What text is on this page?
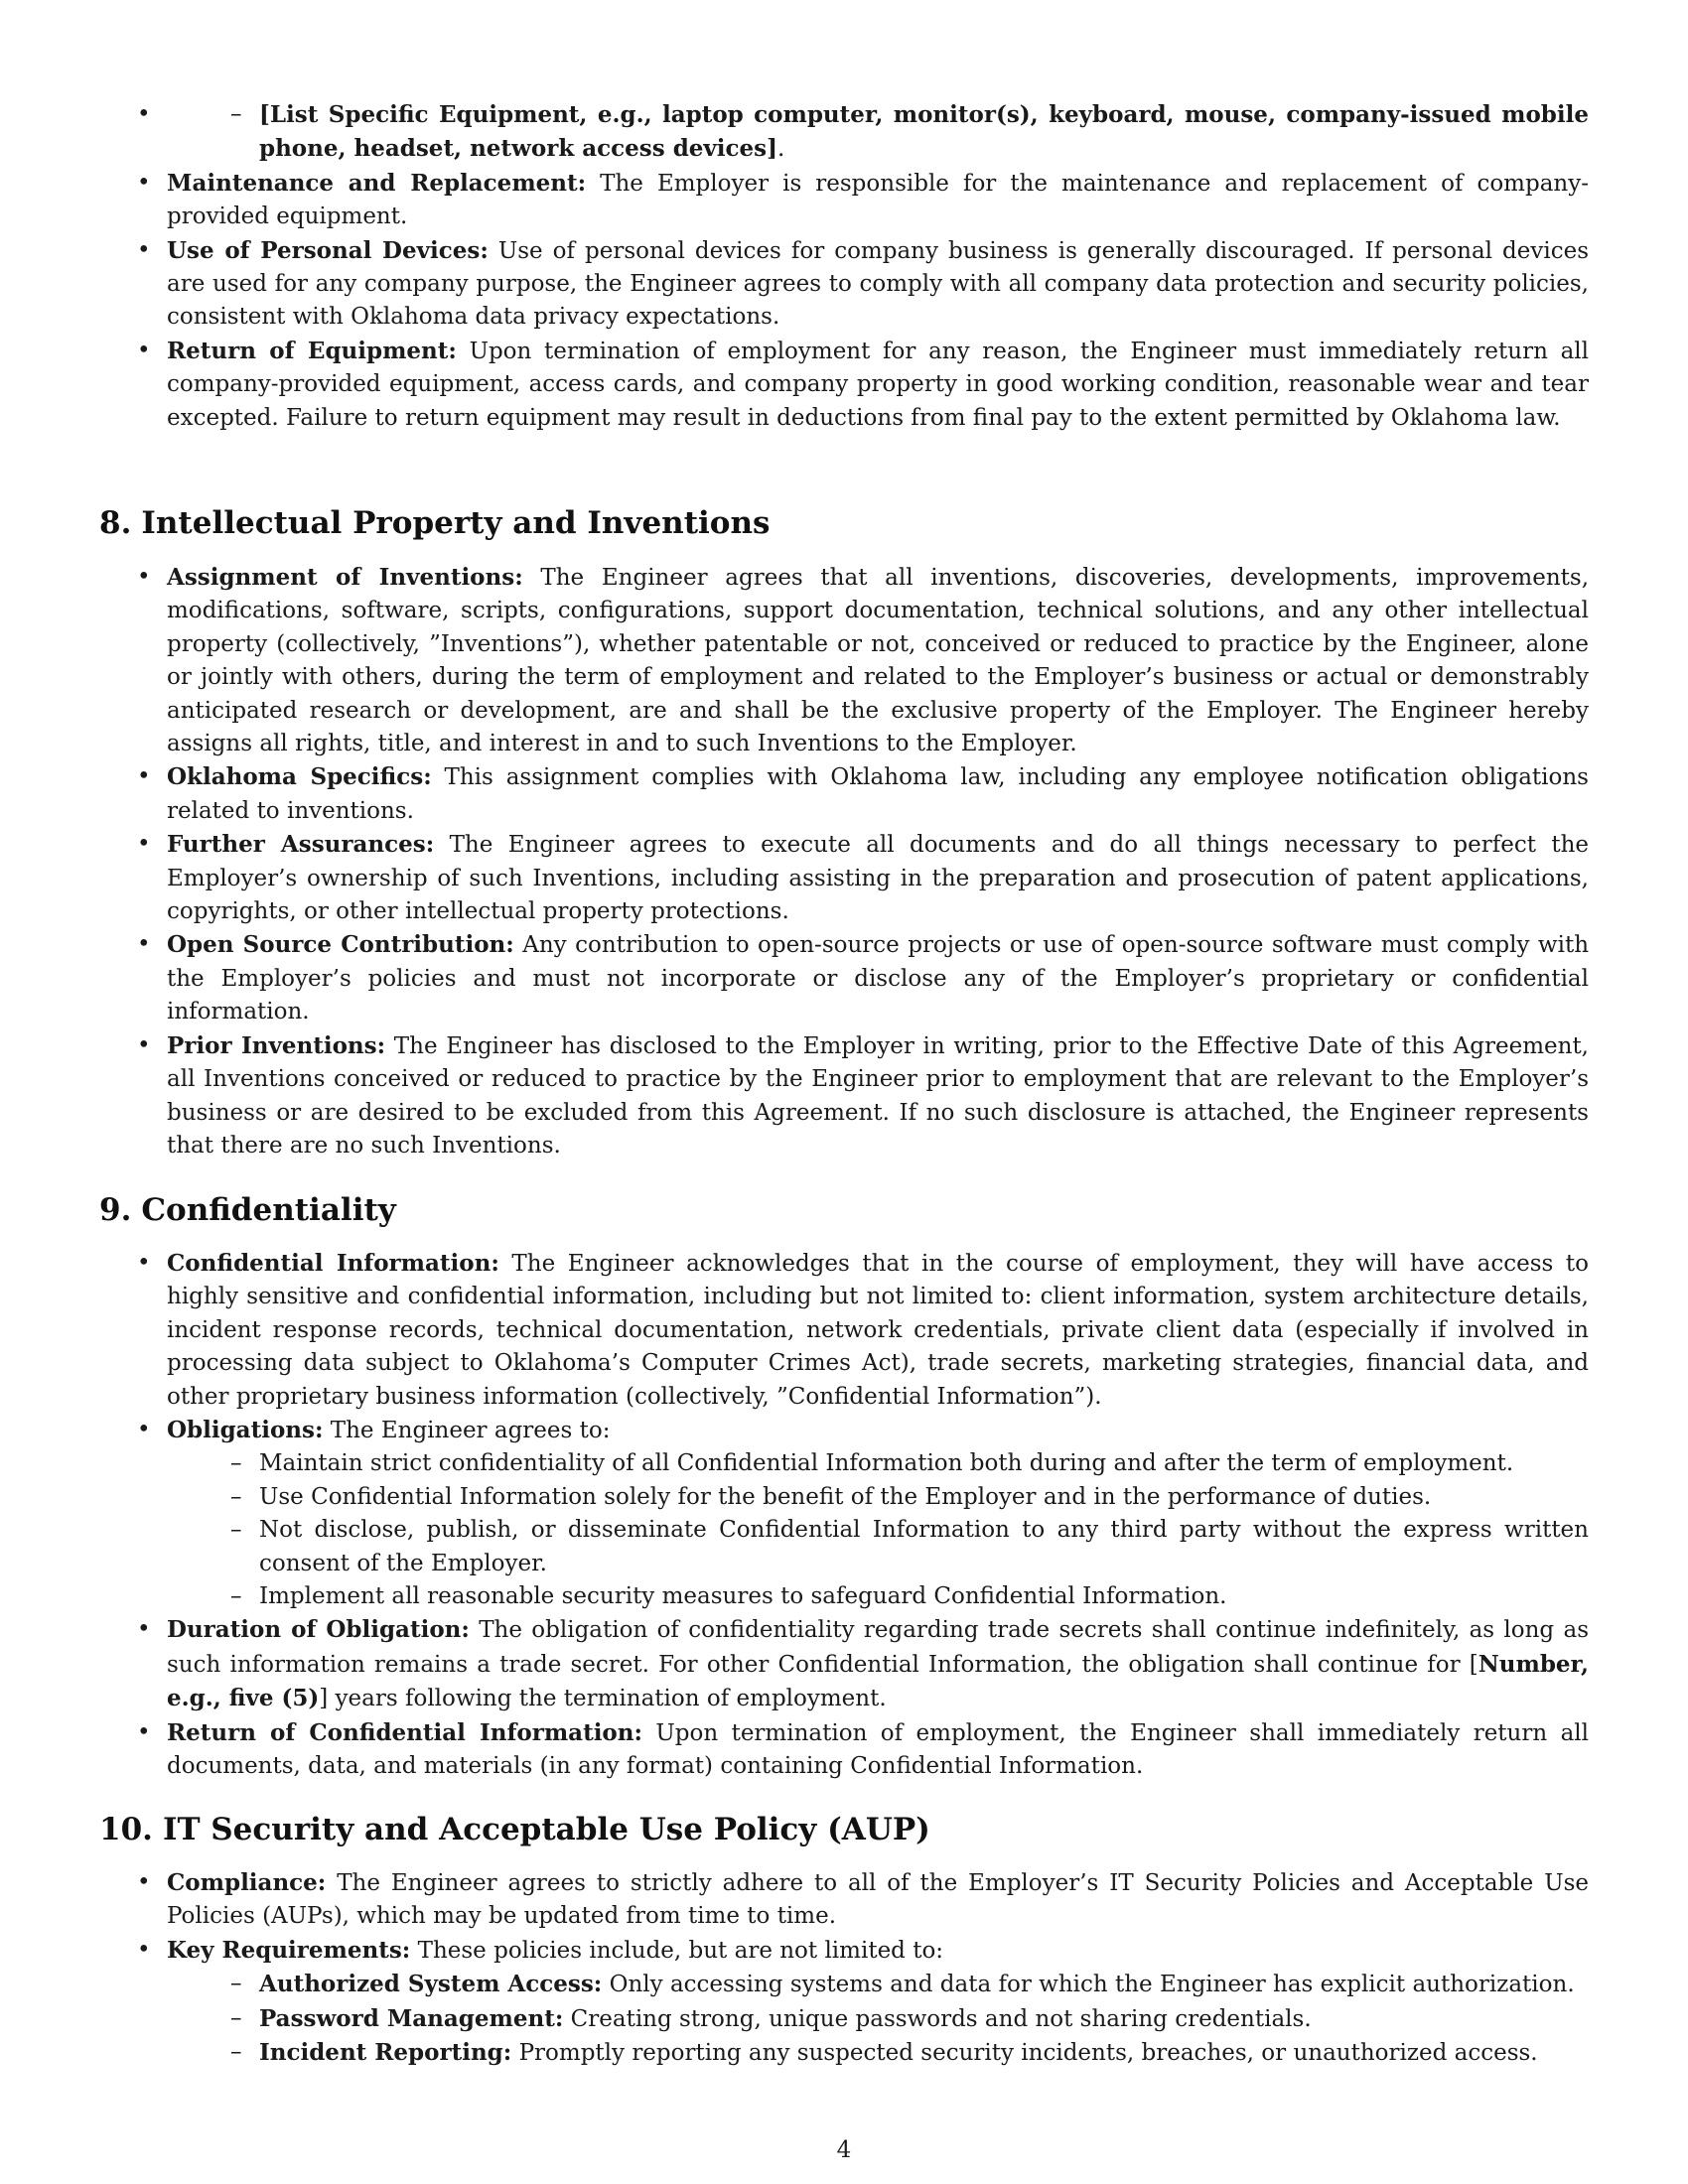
– • [List Specific Equipment, e.g., laptop computer, monitor(s), keyboard, mouse, company-issued mobile phone, headset, network access devices].
• Maintenance and Replacement: The Employer is responsible for the maintenance and replacement of company-provided equipment.
• Use of Personal Devices: Use of personal devices for company business is generally discouraged. If personal devices are used for any company purpose, the Engineer agrees to comply with all company data protection and security policies, consistent with Oklahoma data privacy expectations.
• Return of Equipment: Upon termination of employment for any reason, the Engineer must immediately return all company-provided equipment, access cards, and company property in good working condition, reasonable wear and tear excepted. Failure to return equipment may result in deductions from final pay to the extent permitted by Oklahoma law.
8. Intellectual Property and Inventions
• Assignment of Inventions: The Engineer agrees that all inventions, discoveries, developments, improvements, modifications, software, scripts, configurations, support documentation, technical solutions, and any other intellectual property (collectively, ”Inventions”), whether patentable or not, conceived or reduced to practice by the Engineer, alone or jointly with others, during the term of employment and related to the Employer’s business or actual or demonstrably anticipated research or development, are and shall be the exclusive property of the Employer. The Engineer hereby assigns all rights, title, and interest in and to such Inventions to the Employer.
• Oklahoma Specifics: This assignment complies with Oklahoma law, including any employee notification obligations related to inventions.
• Further Assurances: The Engineer agrees to execute all documents and do all things necessary to perfect the Employer’s ownership of such Inventions, including assisting in the preparation and prosecution of patent applications, copyrights, or other intellectual property protections.
• Open Source Contribution: Any contribution to open-source projects or use of open-source software must comply with the Employer’s policies and must not incorporate or disclose any of the Employer’s proprietary or confidential information.
• Prior Inventions: The Engineer has disclosed to the Employer in writing, prior to the Effective Date of this Agreement, all Inventions conceived or reduced to practice by the Engineer prior to employment that are relevant to the Employer’s business or are desired to be excluded from this Agreement. If no such disclosure is attached, the Engineer represents that there are no such Inventions.
9. Confidentiality
• Confidential Information: The Engineer acknowledges that in the course of employment, they will have access to highly sensitive and confidential information, including but not limited to: client information, system architecture details, incident response records, technical documentation, network credentials, private client data (especially if involved in processing data subject to Oklahoma’s Computer Crimes Act), trade secrets, marketing strategies, financial data, and other proprietary business information (collectively, ”Confidential Information”).
• Obligations: The Engineer agrees to:
– Maintain strict confidentiality of all Confidential Information both during and after the term of employment.
– Use Confidential Information solely for the benefit of the Employer and in the performance of duties.
– Not disclose, publish, or disseminate Confidential Information to any third party without the express written consent of the Employer.
– Implement all reasonable security measures to safeguard Confidential Information.
• Duration of Obligation: The obligation of confidentiality regarding trade secrets shall continue indefinitely, as long as such information remains a trade secret. For other Confidential Information, the obligation shall continue for [Number, e.g., five (5)] years following the termination of employment.
• Return of Confidential Information: Upon termination of employment, the Engineer shall immediately return all documents, data, and materials (in any format) containing Confidential Information.
10. IT Security and Acceptable Use Policy (AUP)
• Compliance: The Engineer agrees to strictly adhere to all of the Employer’s IT Security Policies and Acceptable Use Policies (AUPs), which may be updated from time to time.
• Key Requirements: These policies include, but are not limited to:
– Authorized System Access: Only accessing systems and data for which the Engineer has explicit authorization.
– Password Management: Creating strong, unique passwords and not sharing credentials.
– Incident Reporting: Promptly reporting any suspected security incidents, breaches, or unauthorized access.
4
